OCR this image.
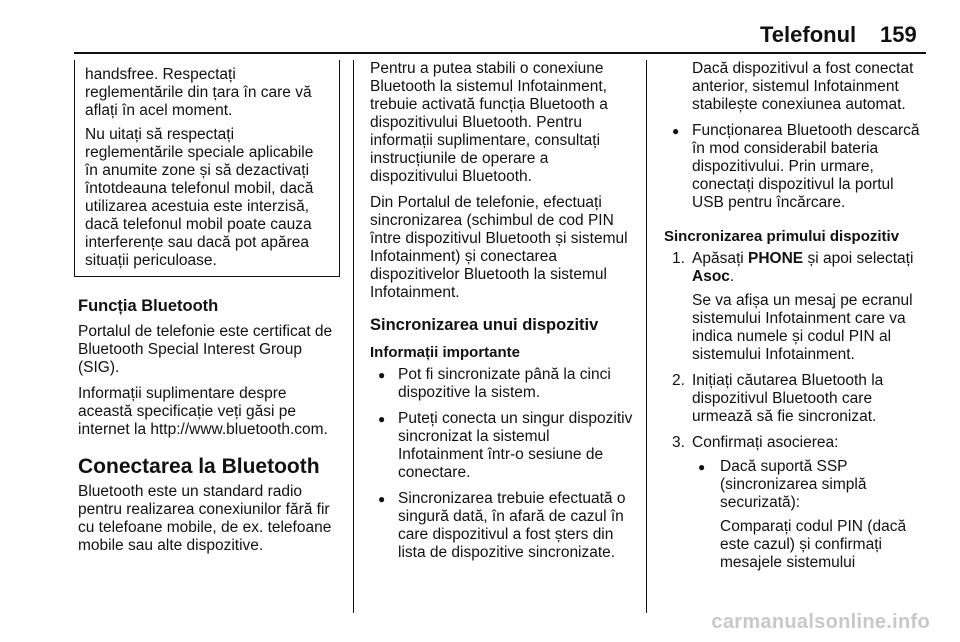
Telefonul 159

handsfree. Respectați reglementările din țara în care vă aflați în acel moment.

Nu uitați să respectați reglementările speciale aplicabile în anumite zone și să dezactivați întotdeauna telefonul mobil, dacă utilizarea acestuia este interzisă, dacă telefonul mobil poate cauza interferențe sau dacă pot apărea situații periculoase.

Funcția Bluetooth

Portalul de telefonie este certificat de Bluetooth Special Interest Group (SIG).

Informații suplimentare despre această specificație veți găsi pe internet la http://www.bluetooth.com.

Conectarea la Bluetooth

Bluetooth este un standard radio pentru realizarea conexiunilor fără fir cu telefoane mobile, de ex. telefoane mobile sau alte dispozitive.

Pentru a putea stabili o conexiune Bluetooth la sistemul Infotainment, trebuie activată funcția Bluetooth a dispozitivului Bluetooth. Pentru informații suplimentare, consultați instrucțiunile de operare a dispozitivului Bluetooth.

Din Portalul de telefonie, efectuați sincronizarea (schimbul de cod PIN între dispozitivul Bluetooth și sistemul Infotainment) și conectarea dispozitivelor Bluetooth la sistemul Infotainment.

Sincronizarea unui dispozitiv
Informații importante
● Pot fi sincronizate până la cinci dispozitive la sistem.
● Puteți conecta un singur dispozitiv sincronizat la sistemul Infotainment într-o sesiune de conectare.
● Sincronizarea trebuie efectuată o singură dată, în afară de cazul în care dispozitivul a fost șters din lista de dispozitive sincronizate.

Dacă dispozitivul a fost conectat anterior, sistemul Infotainment stabilește conexiunea automat.

● Funcționarea Bluetooth descarcă în mod considerabil bateria dispozitivului. Prin urmare, conectați dispozitivul la portul USB pentru încărcare.
Sincronizarea primului dispozitiv
1. Apăsați PHONE și apoi selectați Asoc.

Se va afișa un mesaj pe ecranul sistemului Infotainment care va indica numele și codul PIN al sistemului Infotainment.

2. Inițiați căutarea Bluetooth la dispozitivul Bluetooth care urmează să fie sincronizat.
3. Confirmați asocierea:
● Dacă suportă SSP (sincronizarea simplă securizată):

Comparați codul PIN (dacă este cazul) și confirmați mesajele sistemului

carmanualsonline.info
